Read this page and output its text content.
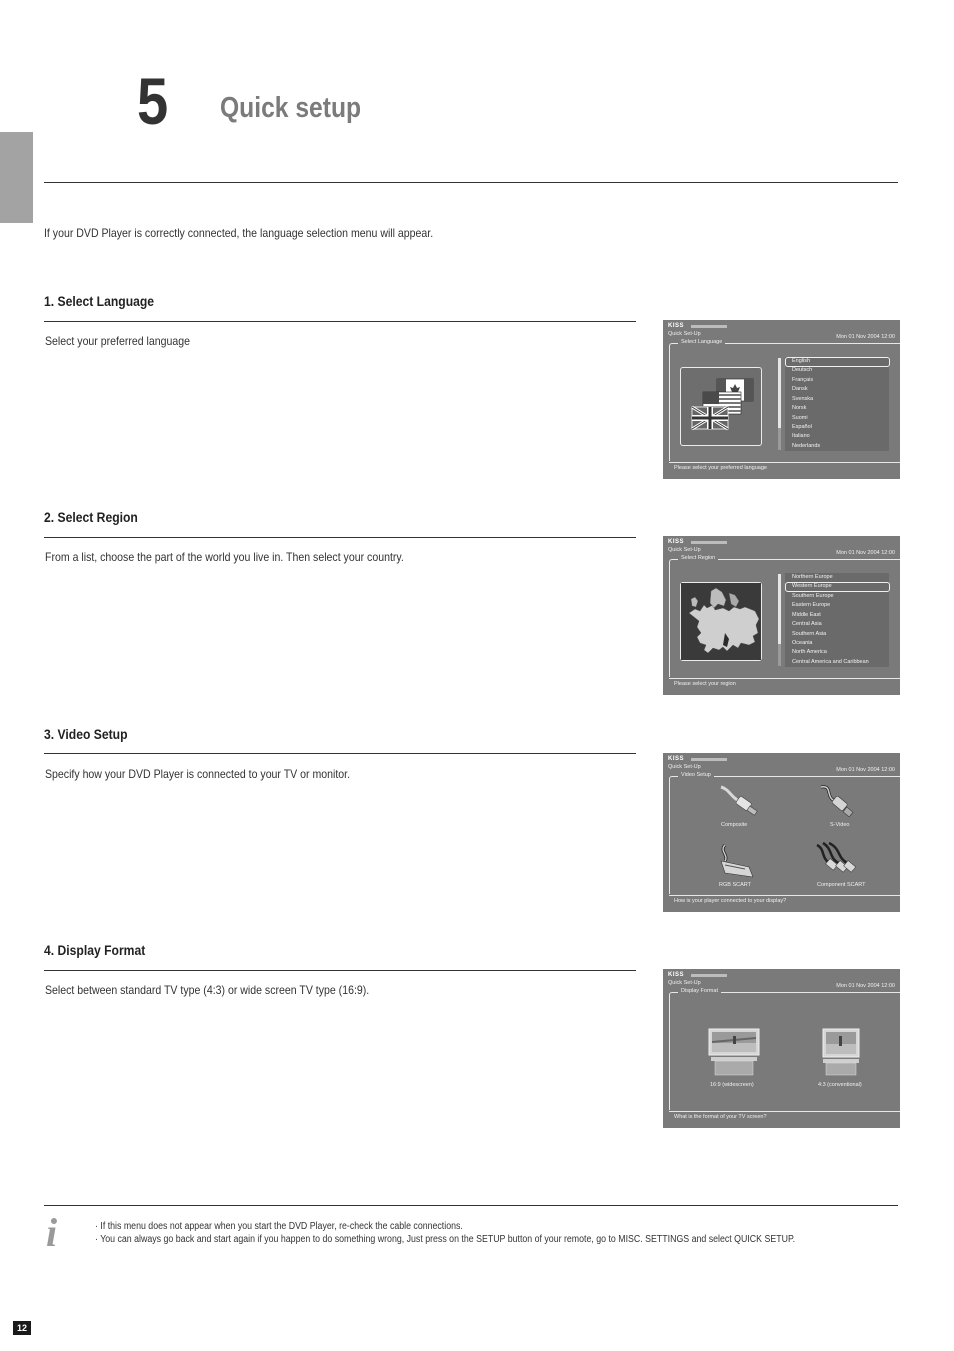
5 Quick setup
If your DVD Player is correctly connected, the language selection menu will appear.
1. Select Language
Select your preferred language
KISS
Quick Set-Up	Mon 01 Nov 2004 12:00
Select Language
English
Deutsch
Français
Dansk
Svenska
Norsk
Suomi
Español
Italiano
Nederlands
Please select your preferred language
2. Select Region
From a list, choose the part of the world you live in. Then select your country.
KISS
Quick Set-Up	Mon 01 Nov 2004 12:00
Select Region
Northern Europe
Western Europe
Southern Europe
Eastern Europe
Middle East
Central Asia
Southern Asia
Oceania
North America
Central America and Caribbean
Please select your region
3. Video Setup
Specify how your DVD Player is connected to your TV or monitor.
KISS
Quick Set-Up	Mon 01 Nov 2004 12:00
Video Setup
Composite	S-Video
RGB SCART	Component SCART
How is your player connected to your display?
4. Display Format
Select between standard TV type (4:3) or wide screen TV type (16:9).
KISS
Quick Set-Up	Mon 01 Nov 2004 12:00
Display Format
16:9 (widescreen)	4:3 (conventional)
What is the format of your TV screen?
i	· If this menu does not appear when you start the DVD Player, re-check the cable connections.
· You can always go back and start again if you happen to do something wrong, Just press on the SETUP button of your remote, go to MISC. SETTINGS and select QUICK SETUP.
12
